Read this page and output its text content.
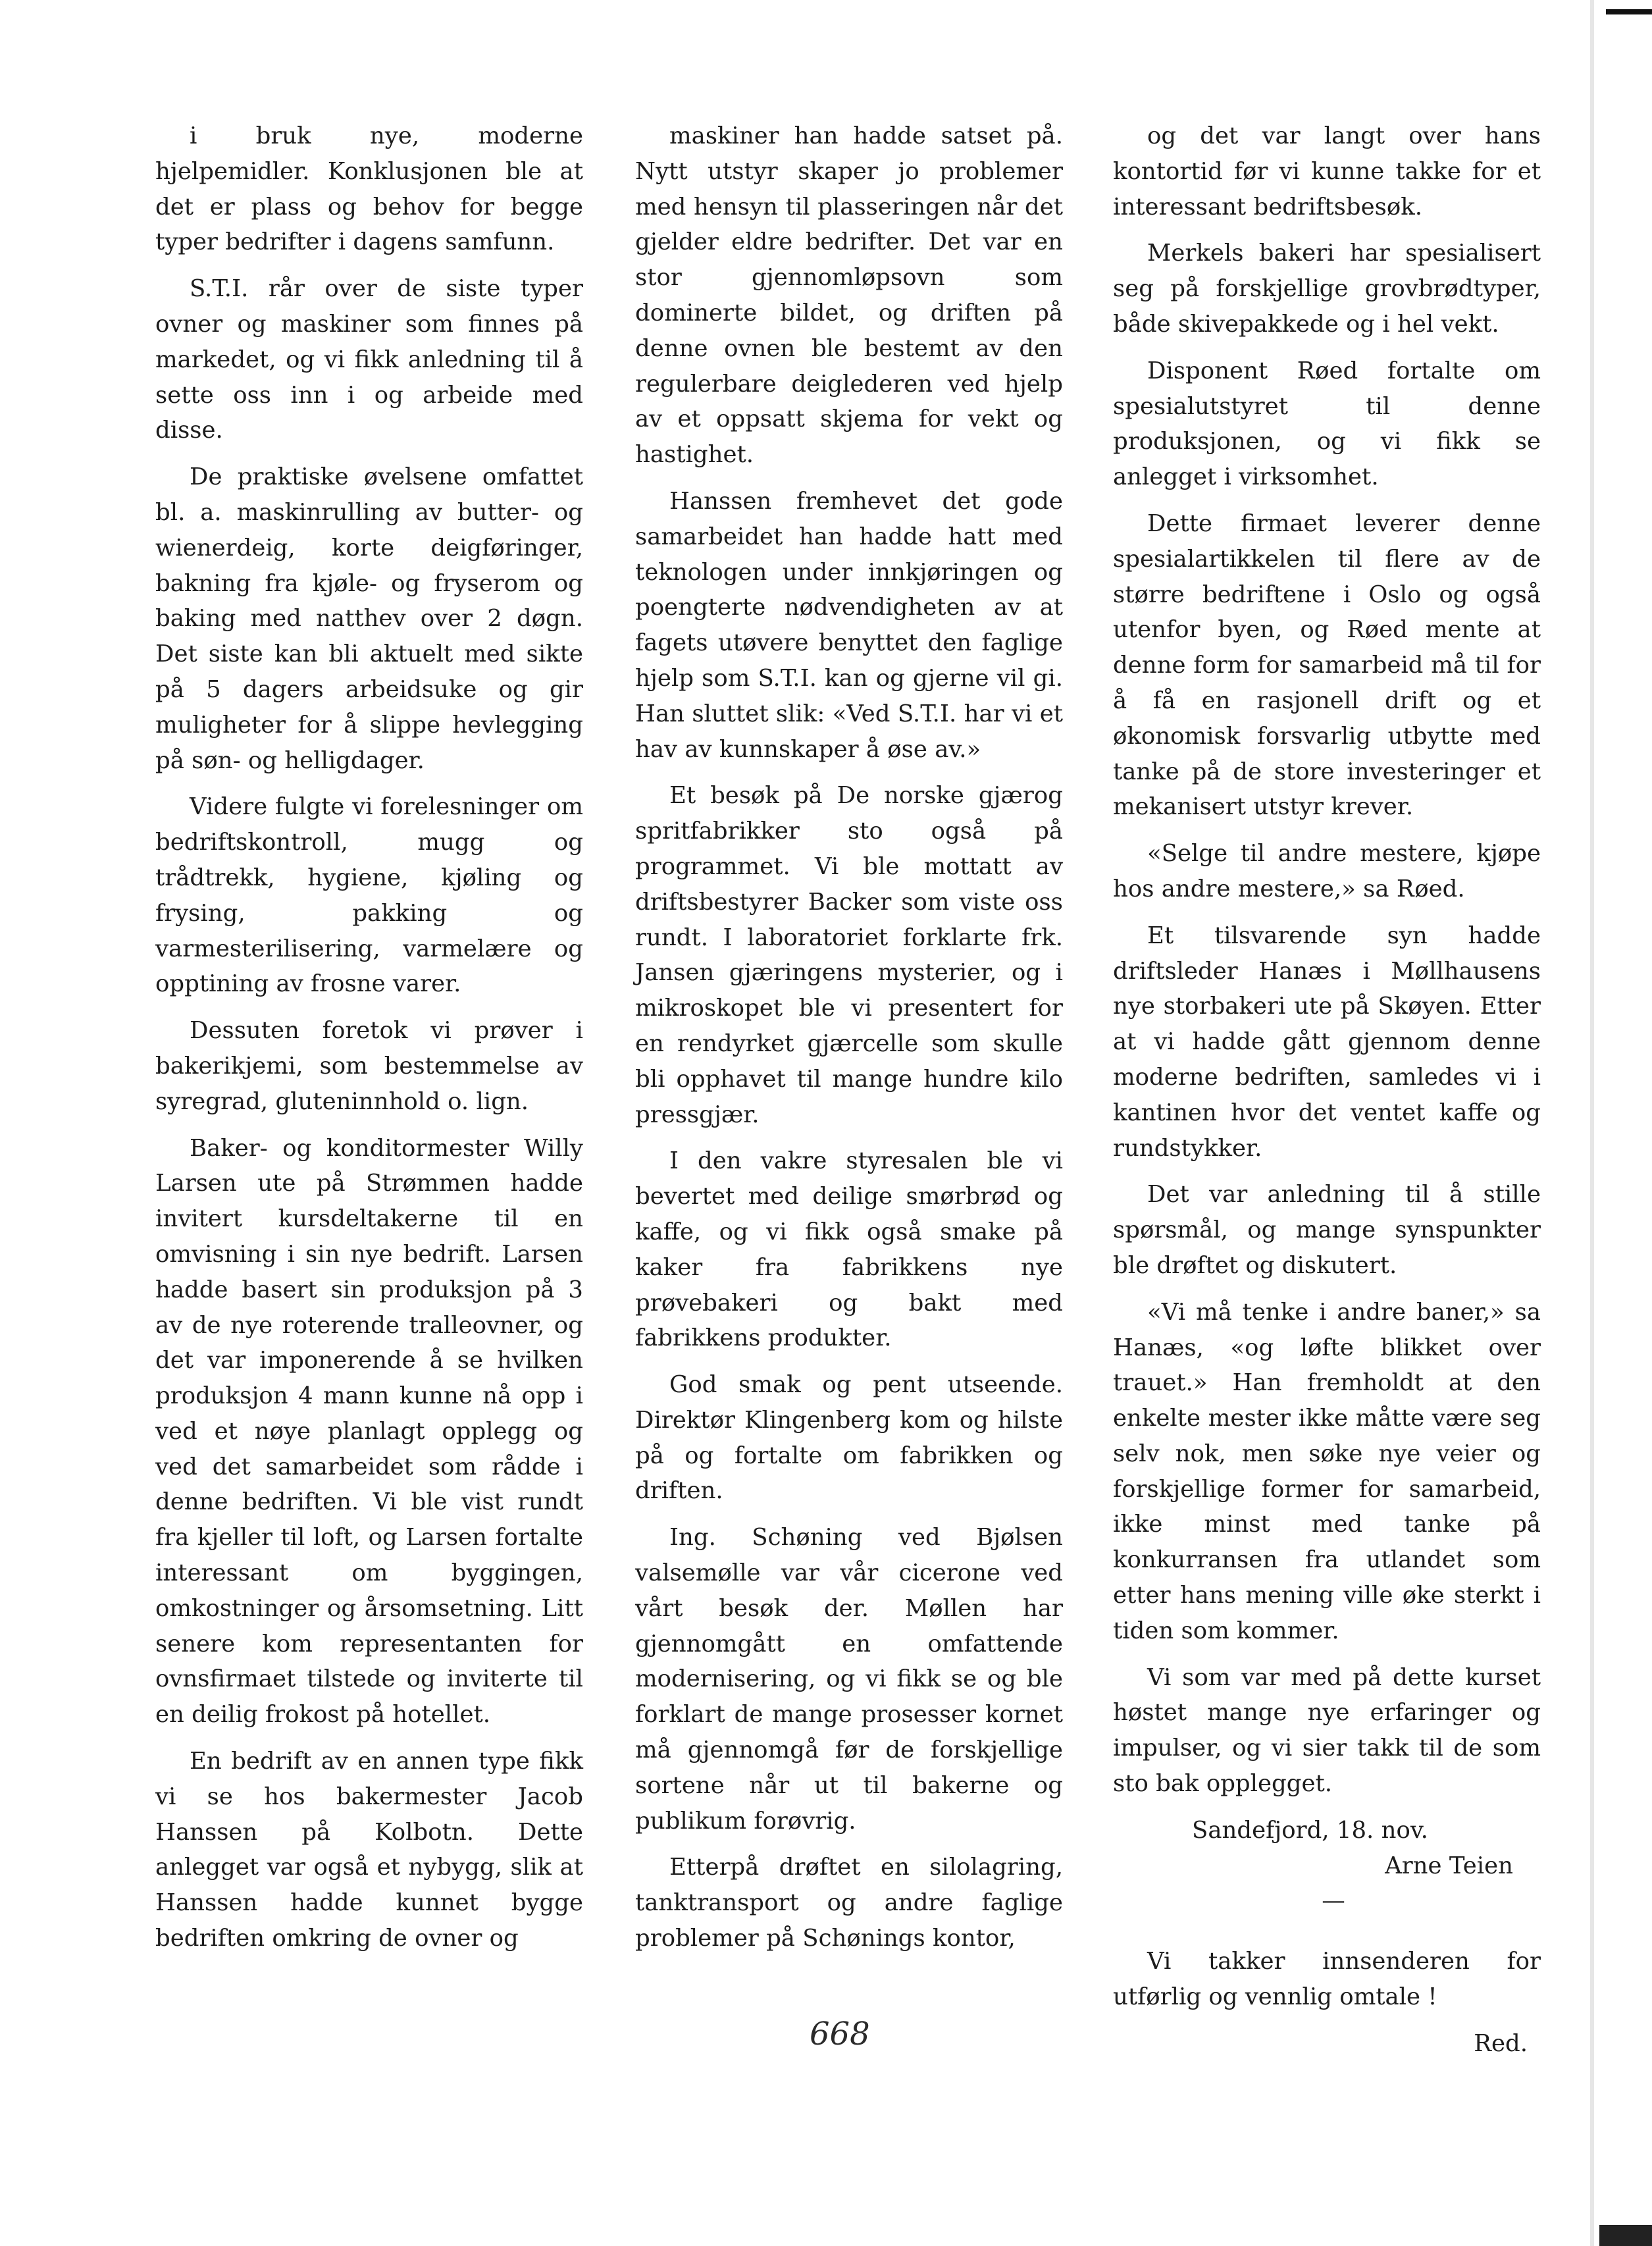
i bruk nye, moderne hjelpemidler. Konklusjonen ble at det er plass og behov for begge typer bedrifter i dagens samfunn.

S.T.I. rår over de siste typer ovner og maskiner som finnes på markedet, og vi fikk anledning til å sette oss inn i og arbeide med disse.

De praktiske øvelsene omfattet bl. a. maskinrulling av butter- og wienerdeig, korte deigføringer, bakning fra kjøle- og fryserom og baking med natthev over 2 døgn. Det siste kan bli aktuelt med sikte på 5 dagers arbeidsuke og gir muligheter for å slippe hevlegging på søn- og helligdager.

Videre fulgte vi forelesninger om bedriftskontroll, mugg og trådtrekk, hygiene, kjøling og frysing, pakking og varmesterilisering, varmelære og opptining av frosne varer.

Dessuten foretok vi prøver i bakerikjemi, som bestemmelse av syregrad, gluteninnhold o. lign.

Baker- og konditormester Willy Larsen ute på Strømmen hadde invitert kursdeltakerne til en omvisning i sin nye bedrift. Larsen hadde basert sin produksjon på 3 av de nye roterende tralleovner, og det var imponerende å se hvilken produksjon 4 mann kunne nå opp i ved et nøye planlagt opplegg og ved det samarbeidet som rådde i denne bedriften. Vi ble vist rundt fra kjeller til loft, og Larsen fortalte interessant om byggingen, omkostninger og årsomsetning. Litt senere kom representanten for ovnsfirmaet tilstede og inviterte til en deilig frokost på hotellet.

En bedrift av en annen type fikk vi se hos bakermester Jacob Hanssen på Kolbotn. Dette anlegget var også et nybygg, slik at Hanssen hadde kunnet bygge bedriften omkring de ovner og

maskiner han hadde satset på. Nytt utstyr skaper jo problemer med hensyn til plasseringen når det gjelder eldre bedrifter. Det var en stor gjennomløpsovn som dominerte bildet, og driften på denne ovnen ble bestemt av den regulerbare deiglederen ved hjelp av et oppsatt skjema for vekt og hastighet.

Hanssen fremhevet det gode samarbeidet han hadde hatt med teknologen under innkjøringen og poengterte nødvendigheten av at fagets utøvere benyttet den faglige hjelp som S.T.I. kan og gjerne vil gi. Han sluttet slik: «Ved S.T.I. har vi et hav av kunnskaper å øse av.»

Et besøk på De norske gjærog spritfabrikker sto også på programmet. Vi ble mottatt av driftsbestyrer Backer som viste oss rundt. I laboratoriet forklarte frk. Jansen gjæringens mysterier, og i mikroskopet ble vi presentert for en rendyrket gjærcelle som skulle bli opphavet til mange hundre kilo pressgjær.

I den vakre styresalen ble vi bevertet med deilige smørbrød og kaffe, og vi fikk også smake på kaker fra fabrikkens nye prøvebakeri og bakt med fabrikkens produkter.

God smak og pent utseende. Direktør Klingenberg kom og hilste på og fortalte om fabrikken og driften.

Ing. Schøning ved Bjølsen valsemølle var vår cicerone ved vårt besøk der. Møllen har gjennomgått en omfattende modernisering, og vi fikk se og ble forklart de mange prosesser kornet må gjennomgå før de forskjellige sortene når ut til bakerne og publikum forøvrig.

Etterpå drøftet en silolagring, tanktransport og andre faglige problemer på Schønings kontor,

og det var langt over hans kontortid før vi kunne takke for et interessant bedriftsbesøk.

Merkels bakeri har spesialisert seg på forskjellige grovbrødtyper, både skivepakkede og i hel vekt.

Disponent Røed fortalte om spesialutstyret til denne produksjonen, og vi fikk se anlegget i virksomhet.

Dette firmaet leverer denne spesialartikkelen til flere av de større bedriftene i Oslo og også utenfor byen, og Røed mente at denne form for samarbeid må til for å få en rasjonell drift og et økonomisk forsvarlig utbytte med tanke på de store investeringer et mekanisert utstyr krever.

«Selge til andre mestere, kjøpe hos andre mestere,» sa Røed.

Et tilsvarende syn hadde driftsleder Hanæs i Møllhausens nye storbakeri ute på Skøyen. Etter at vi hadde gått gjennom denne moderne bedriften, samledes vi i kantinen hvor det ventet kaffe og rundstykker.

Det var anledning til å stille spørsmål, og mange synspunkter ble drøftet og diskutert.

«Vi må tenke i andre baner,» sa Hanæs, «og løfte blikket over trauet.» Han fremholdt at den enkelte mester ikke måtte være seg selv nok, men søke nye veier og forskjellige former for samarbeid, ikke minst med tanke på konkurransen fra utlandet som etter hans mening ville øke sterkt i tiden som kommer.

Vi som var med på dette kurset høstet mange nye erfaringer og impulser, og vi sier takk til de som sto bak opplegget.

Sandefjord, 18. nov.

Arne Teien

—

Vi takker innsenderen for utførlig og vennlig omtale !

Red.

668
